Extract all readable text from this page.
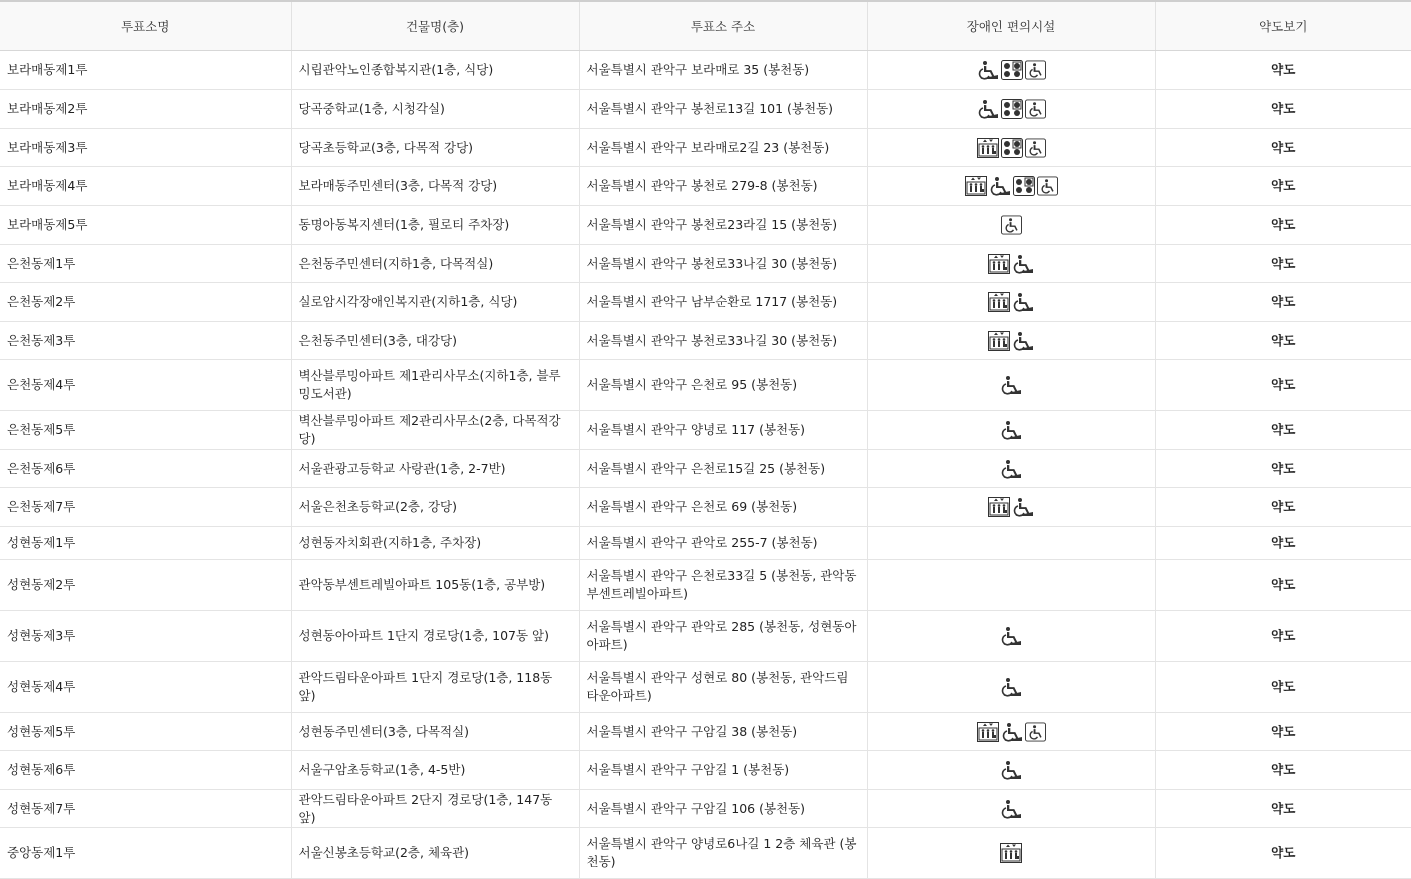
투표소명	건물명(층)	투표소 주소	장애인 편의시설	약도보기
보라매동제1투	시립관악노인종합복지관(1층, 식당)	서울특별시 관악구 보라매로 35 (봉천동)		약도
보라매동제2투	당곡중학교(1층, 시청각실)	서울특별시 관악구 봉천로13길 101 (봉천동)		약도
보라매동제3투	당곡초등학교(3층, 다목적 강당)	서울특별시 관악구 보라매로2길 23 (봉천동)		약도
보라매동제4투	보라매동주민센터(3층, 다목적 강당)	서울특별시 관악구 봉천로 279-8 (봉천동)		약도
보라매동제5투	동명아동복지센터(1층, 필로티 주차장)	서울특별시 관악구 봉천로23라길 15 (봉천동)		약도
은천동제1투	은천동주민센터(지하1층, 다목적실)	서울특별시 관악구 봉천로33나길 30 (봉천동)		약도
은천동제2투	실로암시각장애인복지관(지하1층, 식당)	서울특별시 관악구 남부순환로 1717 (봉천동)		약도
은천동제3투	은천동주민센터(3층, 대강당)	서울특별시 관악구 봉천로33나길 30 (봉천동)		약도
은천동제4투	벽산블루밍아파트 제1관리사무소(지하1층, 블루밍도서관)	서울특별시 관악구 은천로 95 (봉천동)		약도
은천동제5투	벽산블루밍아파트 제2관리사무소(2층, 다목적강당)	서울특별시 관악구 양녕로 117 (봉천동)		약도
은천동제6투	서울관광고등학교 사랑관(1층, 2-7반)	서울특별시 관악구 은천로15길 25 (봉천동)		약도
은천동제7투	서울은천초등학교(2층, 강당)	서울특별시 관악구 은천로 69 (봉천동)		약도
성현동제1투	성현동자치회관(지하1층, 주차장)	서울특별시 관악구 관악로 255-7 (봉천동)		약도
성현동제2투	관악동부센트레빌아파트 105동(1층, 공부방)	서울특별시 관악구 은천로33길 5 (봉천동, 관악동부센트레빌아파트)		약도
성현동제3투	성현동아아파트 1단지 경로당(1층, 107동 앞)	서울특별시 관악구 관악로 285 (봉천동, 성현동아아파트)		약도
성현동제4투	관악드림타운아파트 1단지 경로당(1층, 118동 앞)	서울특별시 관악구 성현로 80 (봉천동, 관악드림타운아파트)		약도
성현동제5투	성현동주민센터(3층, 다목적실)	서울특별시 관악구 구암길 38 (봉천동)		약도
성현동제6투	서울구암초등학교(1층, 4-5반)	서울특별시 관악구 구암길 1 (봉천동)		약도
성현동제7투	관악드림타운아파트 2단지 경로당(1층, 147동 앞)	서울특별시 관악구 구암길 106 (봉천동)		약도
중앙동제1투	서울신봉초등학교(2층, 체육관)	서울특별시 관악구 양녕로6나길 1 2층 체육관 (봉천동)		약도
